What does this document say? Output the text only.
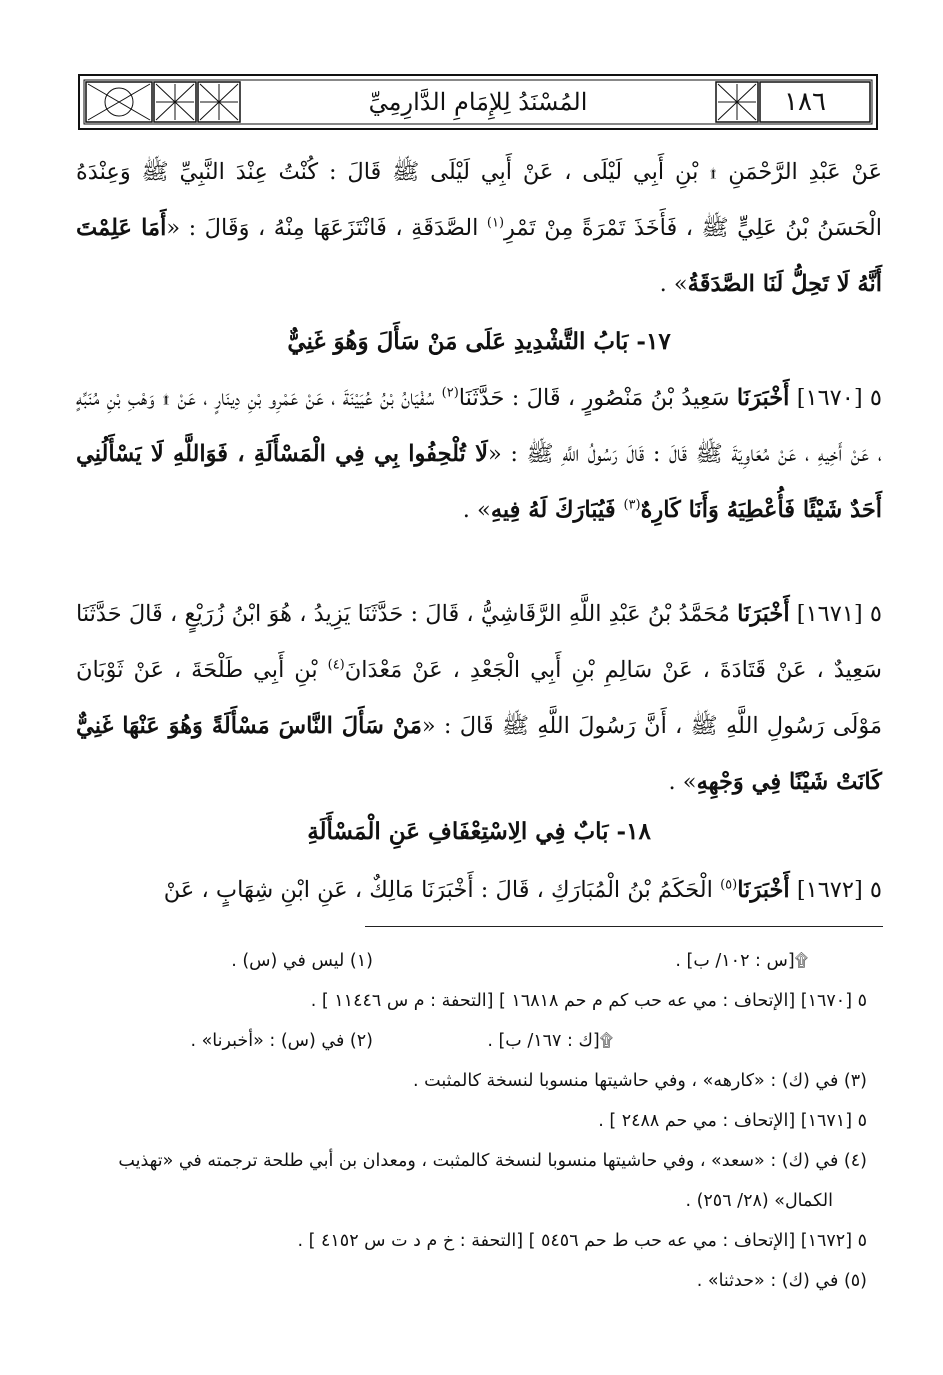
المُسْنَدُ لِلإِمَامِ الدَّارِمِيِّ	١٨٦
عَنْ عَبْدِ الرَّحْمَنِ ۩ بْنِ أَبِي لَيْلَى ، عَنْ أَبِي لَيْلَى ﷺ قَالَ : كُنْتُ عِنْدَ النَّبِيِّ ﷺ وَعِنْدَهُ الْحَسَنُ بْنُ عَلِيٍّ ﷺ ، فَأَخَذَ تَمْرَةً مِنْ تَمْرِ$^{(١)}$ الصَّدَقَةِ ، فَانْتَزَعَهَا مِنْهُ ، وَقَالَ : «أَمَا عَلِمْتَ أَنَّهُ لَا تَحِلُّ لَنَا الصَّدَقَةُ» .
١٧- بَابُ التَّشْدِيدِ عَلَى مَنْ سَأَلَ وَهُوَ غَنِيٌّ
٥ [١٦٧٠] أَخْبَرَنَا سَعِيدُ بْنُ مَنْصُورٍ ، قَالَ : حَدَّثَنَا$^{(٢)}$ سُفْيَانُ بْنُ عُيَيْنَةَ ، عَنْ عَمْرِو بْنِ دِينَارٍ ، عَنْ ۩ وَهْبِ بْنِ مُنَبِّهٍ ، عَنْ أَخِيهِ ، عَنْ مُعَاوِيَةَ ﷺ قَالَ : قَالَ رَسُولُ اللَّهِ ﷺ : «لَا تُلْحِفُوا بِي فِي الْمَسْأَلَةِ ، فَوَاللَّهِ لَا يَسْأَلُنِي أَحَدٌ شَيْئًا فَأُعْطِيَهُ وَأَنَا كَارِهٌ$^{(٣)}$ فَيُبَارَكَ لَهُ فِيهِ» .
٥ [١٦٧١] أَخْبَرَنَا مُحَمَّدُ بْنُ عَبْدِ اللَّهِ الرَّقَاشِيُّ ، قَالَ : حَدَّثَنَا يَزِيدُ ، هُوَ ابْنُ زُرَيْعٍ ، قَالَ حَدَّثَنَا سَعِيدٌ ، عَنْ قَتَادَةَ ، عَنْ سَالِمِ بْنِ أَبِي الْجَعْدِ ، عَنْ مَعْدَانَ$^{(٤)}$ بْنِ أَبِي طَلْحَةَ ، عَنْ ثَوْبَانَ مَوْلَى رَسُولِ اللَّهِ ﷺ ، أَنَّ رَسُولَ اللَّهِ ﷺ قَالَ : «مَنْ سَأَلَ النَّاسَ مَسْأَلَةً وَهُوَ عَنْهَا غَنِيٌّ كَانَتْ شَيْنًا فِي وَجْهِهِ» .
١٨- بَابٌ فِي الِاسْتِعْفَافِ عَنِ الْمَسْأَلَةِ
٥ [١٦٧٢] أَخْبَرَنَا$^{(٥)}$ الْحَكَمُ بْنُ الْمُبَارَكِ ، قَالَ : أَخْبَرَنَا مَالِكٌ ، عَنِ ابْنِ شِهَابٍ ، عَنْ
(١) ليس في (س) .	۩[س : ١٠٢/ ب] .
٥ [١٦٧٠] [الإتحاف : مي عه حب كم م حم ١٦٨١٨ ] [التحفة : م س ١١٤٤٦ ] .
(٢) في (س) : «أخبرنا» .	۩[ك : ١٦٧/ ب] .
(٣) في (ك) : «كارهه» ، وفي حاشيتها منسوبا لنسخة كالمثبت .
٥ [١٦٧١] [الإتحاف : مي حم ٢٤٨٨ ] .
(٤) في (ك) : «سعد» ، وفي حاشيتها منسوبا لنسخة كالمثبت ، ومعدان بن أبي طلحة ترجمته في «تهذيب
الكمال» (٢٨/ ٢٥٦) .
٥ [١٦٧٢] [الإتحاف : مي عه حب ط حم ٥٤٥٦ ] [التحفة : خ م د ت س ٤١٥٢ ] .
(٥) في (ك) : «حدثنا» .
